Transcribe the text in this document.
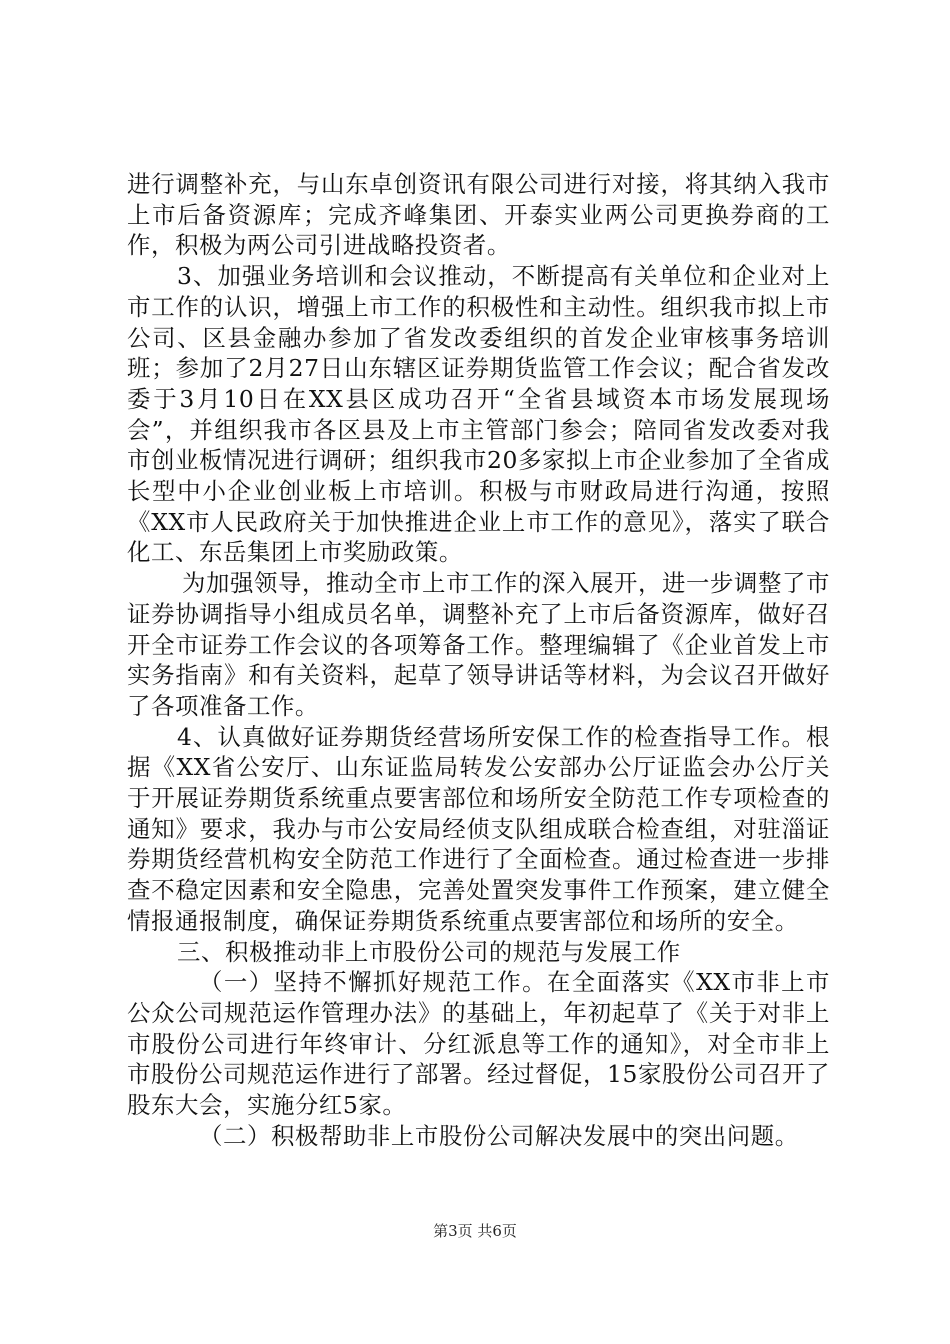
进行调整补充，与山东卓创资讯有限公司进行对接，将其纳入我市上市后备资源库；完成齐峰集团、开泰实业两公司更换券商的工作，积极为两公司引进战略投资者。

3、加强业务培训和会议推动，不断提高有关单位和企业对上市工作的认识，增强上市工作的积极性和主动性。组织我市拟上市公司、区县金融办参加了省发改委组织的首发企业审核事务培训班；参加了2月27日山东辖区证券期货监管工作会议；配合省发改委于3月10日在XX县区成功召开“全省县域资本市场发展现场会”，并组织我市各区县及上市主管部门参会；陪同省发改委对我市创业板情况进行调研；组织我市20多家拟上市企业参加了全省成长型中小企业创业板上市培训。积极与市财政局进行沟通，按照《XX市人民政府关于加快推进企业上市工作的意见》，落实了联合化工、东岳集团上市奖励政策。

为加强领导，推动全市上市工作的深入展开，进一步调整了市证券协调指导小组成员名单，调整补充了上市后备资源库，做好召开全市证券工作会议的各项筹备工作。整理编辑了《企业首发上市实务指南》和有关资料，起草了领导讲话等材料，为会议召开做好了各项准备工作。

4、认真做好证券期货经营场所安保工作的检查指导工作。根据《XX省公安厅、山东证监局转发公安部办公厅证监会办公厅关于开展证券期货系统重点要害部位和场所安全防范工作专项检查的通知》要求，我办与市公安局经侦支队组成联合检查组，对驻淄证券期货经营机构安全防范工作进行了全面检查。通过检查进一步排查不稳定因素和安全隐患，完善处置突发事件工作预案，建立健全情报通报制度，确保证券期货系统重点要害部位和场所的安全。

三、积极推动非上市股份公司的规范与发展工作

（一）坚持不懈抓好规范工作。在全面落实《XX市非上市公众公司规范运作管理办法》的基础上，年初起草了《关于对非上市股份公司进行年终审计、分红派息等工作的通知》，对全市非上市股份公司规范运作进行了部署。经过督促，15家股份公司召开了股东大会，实施分红5家。

（二）积极帮助非上市股份公司解决发展中的突出问题。

第3页 共6页
